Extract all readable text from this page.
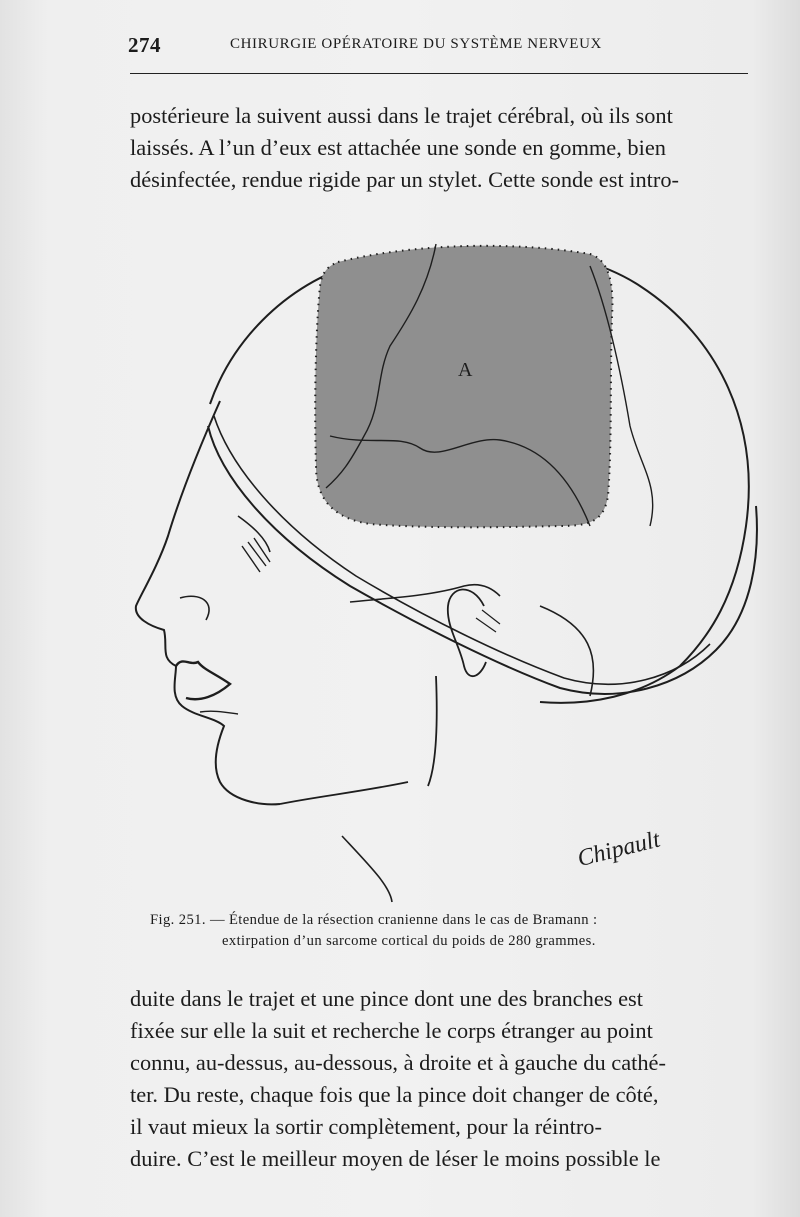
274	CHIRURGIE OPÉRATOIRE DU SYSTÈME NERVEUX
postérieure la suivent aussi dans le trajet cérébral, où ils sont
laissés. A l’un d’eux est attachée une sonde en gomme, bien
désinfectée, rendue rigide par un stylet. Cette sonde est intro-
A
Chipault
Fig. 251. — Étendue de la résection cranienne dans le cas de Bramann :
extirpation d’un sarcome cortical du poids de 280 grammes.
duite dans le trajet et une pince dont une des branches est
fixée sur elle la suit et recherche le corps étranger au point
connu, au-dessus, au-dessous, à droite et à gauche du cathé-
ter. Du reste, chaque fois que la pince doit changer de côté,
il vaut mieux la sortir complètement, pour la réintro-
duire. C’est le meilleur moyen de léser le moins possible le
